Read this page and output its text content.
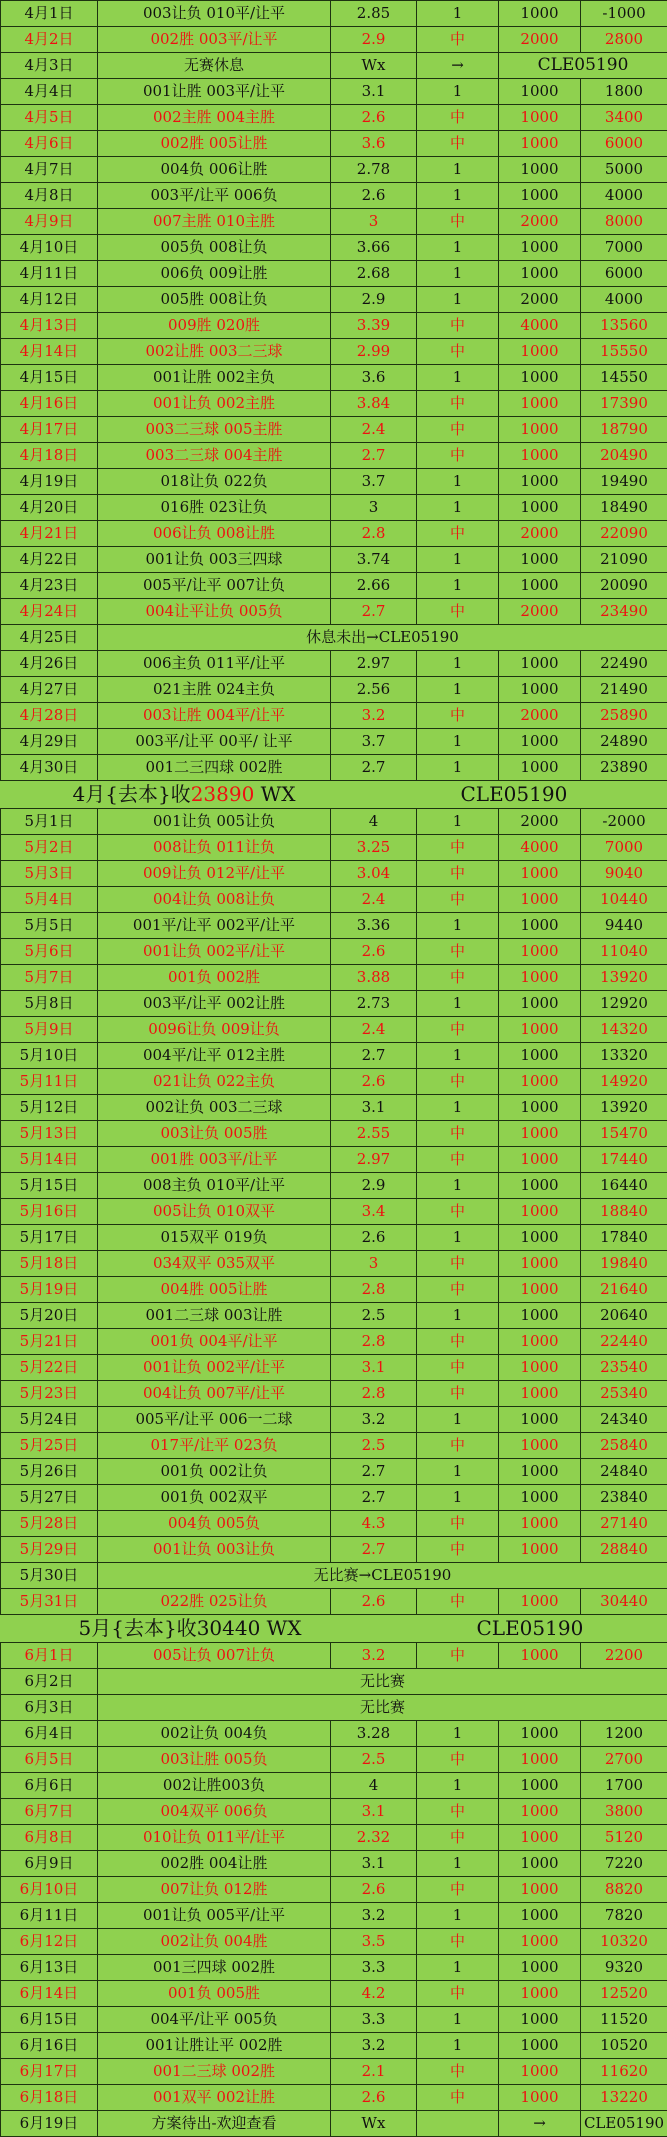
4月1日	003让负 010平/让平	2.85	1	1000	-1000
4月2日	002胜 003平/让平	2.9	中	2000	2800
4月3日	无赛休息	Wx	→	CLE05190	
4月4日	001让胜 003平/让平	3.1	1	1000	1800
4月5日	002主胜 004主胜	2.6	中	1000	3400
4月6日	002胜 005让胜	3.6	中	1000	6000
4月7日	004负 006让胜	2.78	1	1000	5000
4月8日	003平/让平 006负	2.6	1	1000	4000
4月9日	007主胜 010主胜	3	中	2000	8000
4月10日	005负 008让负	3.66	1	1000	7000
4月11日	006负 009让胜	2.68	1	1000	6000
4月12日	005胜 008让负	2.9	1	2000	4000
4月13日	009胜 020胜	3.39	中	4000	13560
4月14日	002让胜 003二三球	2.99	中	1000	15550
4月15日	001让胜 002主负	3.6	1	1000	14550
4月16日	001让负 002主胜	3.84	中	1000	17390
4月17日	003二三球 005主胜	2.4	中	1000	18790
4月18日	003二三球 004主胜	2.7	中	1000	20490
4月19日	018让负 022负	3.7	1	1000	19490
4月20日	016胜 023让负	3	1	1000	18490
4月21日	006让负 008让胜	2.8	中	2000	22090
4月22日	001让负 003三四球	3.74	1	1000	21090
4月23日	005平/让平 007让负	2.66	1	1000	20090
4月24日	004让平让负 005负	2.7	中	2000	23490
4月25日	休息未出→CLE05190				
4月26日	006主负 011平/让平	2.97	1	1000	22490
4月27日	021主胜 024主负	2.56	1	1000	21490
4月28日	003让胜 004平/让平	3.2	中	2000	25890
4月29日	003平/让平 00平/ 让平	3.7	1	1000	24890
4月30日	001二三四球 002胜	2.7	1	1000	23890
4月{去本}收23890 WX			CLE05190		
5月1日	001让负 005让负	4	1	2000	-2000
5月2日	008让负 011让负	3.25	中	4000	7000
5月3日	009让负 012平/让平	3.04	中	1000	9040
5月4日	004让负 008让负	2.4	中	1000	10440
5月5日	001平/让平 002平/让平	3.36	1	1000	9440
5月6日	001让负 002平/让平	2.6	中	1000	11040
5月7日	001负 002胜	3.88	中	1000	13920
5月8日	003平/让平 002让胜	2.73	1	1000	12920
5月9日	0096让负 009让负	2.4	中	1000	14320
5月10日	004平/让平 012主胜	2.7	1	1000	13320
5月11日	021让负 022主负	2.6	中	1000	14920
5月12日	002让负 003二三球	3.1	1	1000	13920
5月13日	003让负 005胜	2.55	中	1000	15470
5月14日	001胜 003平/让平	2.97	中	1000	17440
5月15日	008主负 010平/让平	2.9	1	1000	16440
5月16日	005让负 010双平	3.4	中	1000	18840
5月17日	015双平 019负	2.6	1	1000	17840
5月18日	034双平 035双平	3	中	1000	19840
5月19日	004胜 005让胜	2.8	中	1000	21640
5月20日	001二三球 003让胜	2.5	1	1000	20640
5月21日	001负 004平/让平	2.8	中	1000	22440
5月22日	001让负 002平/让平	3.1	中	1000	23540
5月23日	004让负 007平/让平	2.8	中	1000	25340
5月24日	005平/让平 006一二球	3.2	1	1000	24340
5月25日	017平/让平 023负	2.5	中	1000	25840
5月26日	001负 002让负	2.7	1	1000	24840
5月27日	001负 002双平	2.7	1	1000	23840
5月28日	004负 005负	4.3	中	1000	27140
5月29日	001让负 003让负	2.7	中	1000	28840
5月30日	无比赛→CLE05190				
5月31日	022胜 025让负	2.6	中	1000	30440
5月{去本}收30440 WX			CLE05190		
6月1日	005让负 007让负	3.2	中	1000	2200
6月2日	无比赛				
6月3日	无比赛				
6月4日	002让负 004负	3.28	1	1000	1200
6月5日	003让胜 005负	2.5	中	1000	2700
6月6日	002让胜003负	4	1	1000	1700
6月7日	004双平 006负	3.1	中	1000	3800
6月8日	010让负 011平/让平	2.32	中	1000	5120
6月9日	002胜 004让胜	3.1	1	1000	7220
6月10日	007让负 012胜	2.6	中	1000	8820
6月11日	001让负 005平/让平	3.2	1	1000	7820
6月12日	002让负 004胜	3.5	中	1000	10320
6月13日	001三四球 002胜	3.3	1	1000	9320
6月14日	001负 005胜	4.2	中	1000	12520
6月15日	004平/让平 005负	3.3	1	1000	11520
6月16日	001让胜让平 002胜	3.2	1	1000	10520
6月17日	001二三球 002胜	2.1	中	1000	11620
6月18日	001双平 002让胜	2.6	中	1000	13220
6月19日	方案待出-欢迎查看	Wx		→	CLE05190
